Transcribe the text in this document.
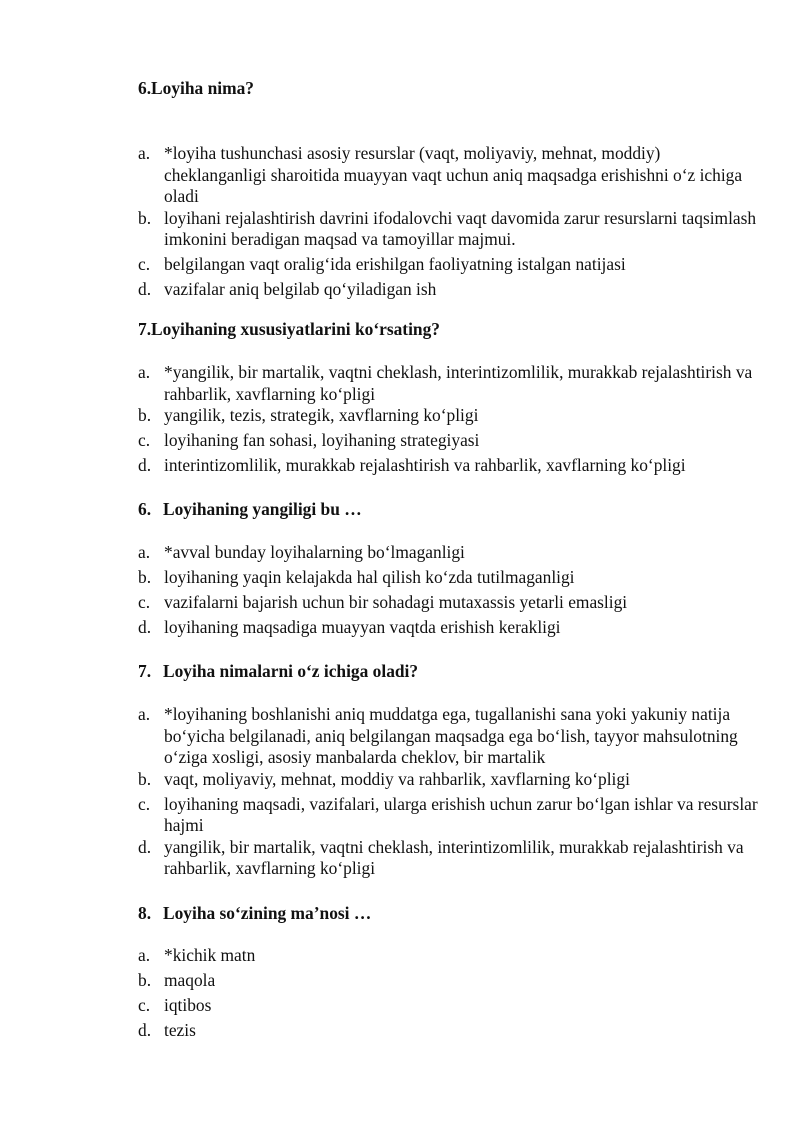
6.Loyiha nima?
a. *loyiha tushunchasi asosiy resurslar (vaqt, moliyaviy, mehnat, moddiy) cheklanganligi sharoitida muayyan vaqt uchun aniq maqsadga erishishni o‘z ichiga oladi
b. loyihani rejalashtirish davrini ifodalovchi vaqt davomida zarur resurslarni taqsimlash imkonini beradigan maqsad va tamoyillar majmui.
c. belgilangan vaqt oralig‘ida erishilgan faoliyatning istalgan natijasi
d. vazifalar aniq belgilab qo‘yiladigan ish
7.Loyihaning xususiyatlarini ko‘rsating?
a. *yangilik, bir martalik, vaqtni cheklash, interintizomlilik, murakkab rejalashtirish va rahbarlik, xavflarning ko‘pligi
b. yangilik, tezis, strategik, xavflarning ko‘pligi
c. loyihaning fan sohasi, loyihaning strategiyasi
d. interintizomlilik, murakkab rejalashtirish va rahbarlik, xavflarning ko‘pligi
6. Loyihaning yangiligi bu …
a. *avval bunday loyihalarning bo‘lmaganligi
b. loyihaning yaqin kelajakda hal qilish ko‘zda tutilmaganligi
c. vazifalarni bajarish uchun bir sohadagi mutaxassis yetarli emasligi
d. loyihaning maqsadiga muayyan vaqtda erishish kerakligi
7. Loyiha nimalarni o‘z ichiga oladi?
a. *loyihaning boshlanishi aniq muddatga ega, tugallanishi sana yoki yakuniy natija bo‘yicha belgilanadi, aniq belgilangan maqsadga ega bo‘lish, tayyor mahsulotning o‘ziga xosligi, asosiy manbalarda cheklov, bir martalik
b. vaqt, moliyaviy, mehnat, moddiy va rahbarlik, xavflarning ko‘pligi
c. loyihaning maqsadi, vazifalari, ularga erishish uchun zarur bo‘lgan ishlar va resurslar hajmi
d. yangilik, bir martalik, vaqtni cheklash, interintizomlilik, murakkab rejalashtirish va rahbarlik, xavflarning ko‘pligi
8. Loyiha so‘zining ma’nosi …
a. *kichik matn
b. maqola
c. iqtibos
d. tezis
